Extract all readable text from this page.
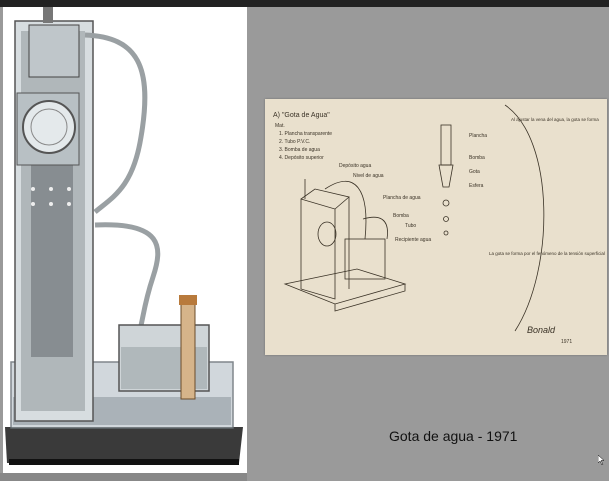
A) "Gota de Agua"
Mat.
1. Plancha transparente
2. Tubo P.V.C.
3. Bomba de agua
4. Depósito superior
Depósito agua
Nivel de agua
Plancha de agua
Bomba
Tubo
Recipiente agua
Plancha
Bomba
Gota
Esfera
Al ajustar la vena del agua, la gota se forma
La gota se forma por el fenómeno de la tensión superficial
Bonald
1971
Gota de agua - 1971
